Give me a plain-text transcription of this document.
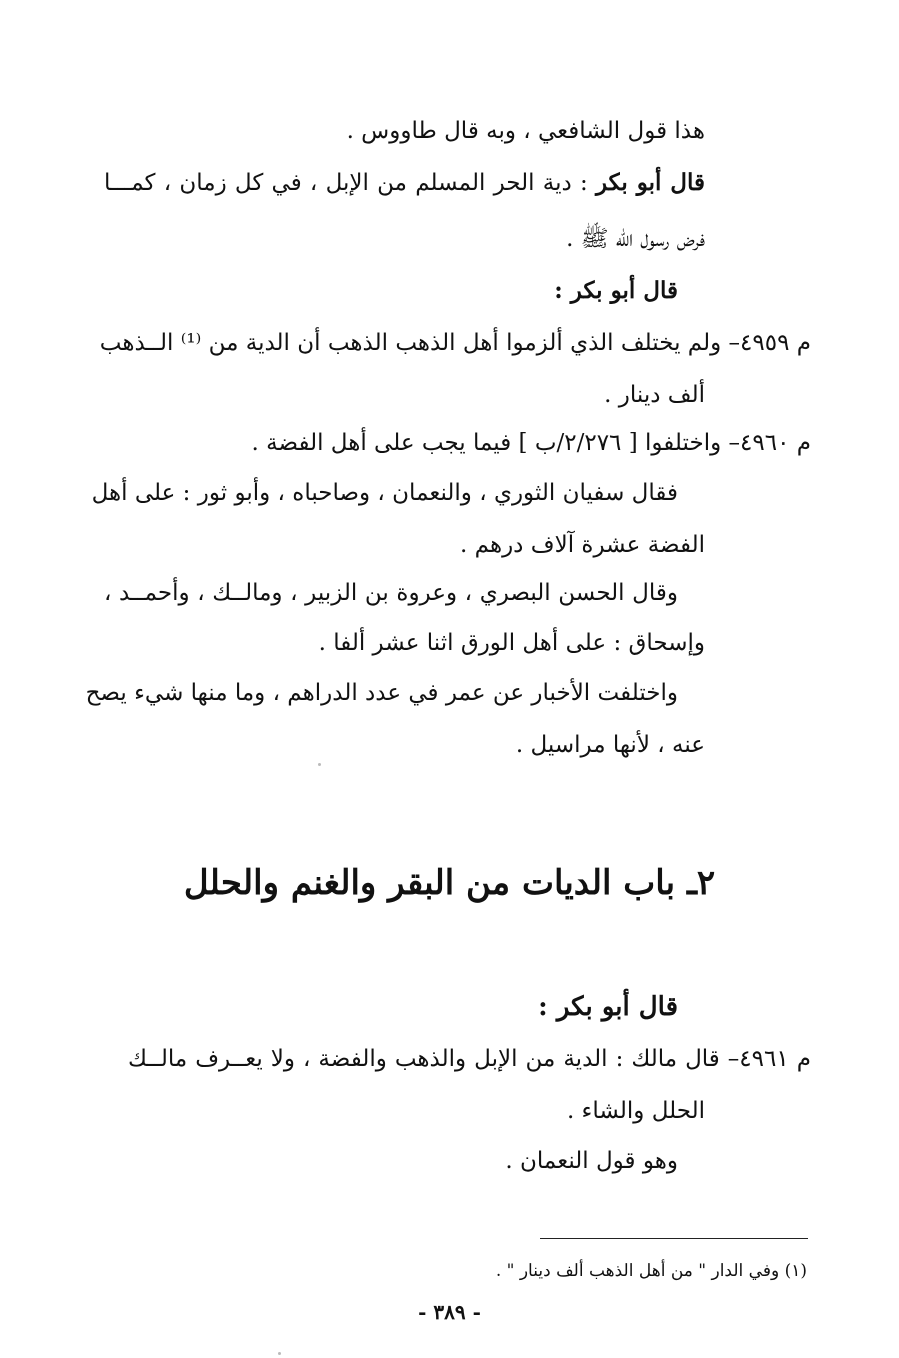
هذا قول الشافعي ، وبه قال طاووس .
قال أبو بكر : دية الحر المسلم من الإبل ، في كل زمان ، كمـــا
فرض رسول الله ﷺ .
قال أبو بكر :
م ٤٩٥٩– ولم يختلف الذي ألزموا أهل الذهب الذهب أن الدية من ⁽¹⁾ الــذهب
ألف دينار .
م ٤٩٦٠– واختلفوا [ ٢/٢٧٦/ب ] فيما يجب على أهل الفضة .
فقال سفيان الثوري ، والنعمان ، وصاحباه ، وأبو ثور : على أهل
الفضة عشرة آلاف درهم .
وقال الحسن البصري ، وعروة بن الزبير ، ومالــك ، وأحمــد ،
وإسحاق : على أهل الورق اثنا عشر ألفا .
واختلفت الأخبار عن عمر في عدد الدراهم ، وما منها شيء يصح
عنه ، لأنها مراسيل .
٢ـ باب الديات من البقر والغنم والحلل
قال أبو بكر :
م ٤٩٦١– قال مالك : الدية من الإبل والذهب والفضة ، ولا يعــرف مالــك
الحلل والشاء .
وهو قول النعمان .
(١) وفي الدار " من أهل الذهب ألف دينار " .
- ٣٨٩ -
